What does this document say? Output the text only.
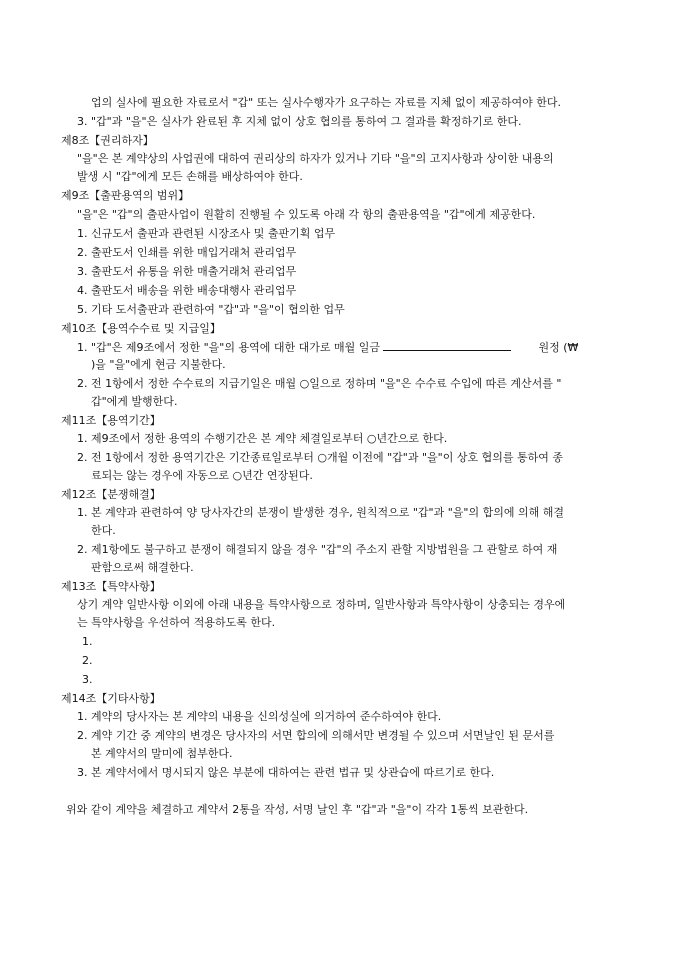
업의 실사에 필요한 자료로서 "갑" 또는 실사수행자가 요구하는 자료를 지체 없이 제공하여야 한다.
3. "갑"과 "을"은 실사가 완료된 후 지체 없이 상호 협의를 통하여 그 결과를 확정하기로 한다.
제8조【권리하자】
"을"은 본 계약상의 사업권에 대하여 권리상의 하자가 있거나 기타 "을"의 고지사항과 상이한 내용의
발생 시 "갑"에게 모든 손해를 배상하여야 한다.
제9조【출판용역의 범위】
"을"은 "갑"의 출판사업이 원활히 진행될 수 있도록 아래 각 항의 출판용역을 "갑"에게 제공한다.
1. 신규도서 출판과 관련된 시장조사 및 출판기획 업무
2. 출판도서 인쇄를 위한 매입거래처 관리업무
3. 출판도서 유통을 위한 매출거래처 관리업무
4. 출판도서 배송을 위한 배송대행사 관리업무
5. 기타 도서출판과 관련하여 "갑"과 "을"이 협의한 업무
제10조【용역수수료 및 지급일】
1. "갑"은 제9조에서 정한 "을"의 용역에 대한 대가로 매월 일금	원정 (₩
)을 "을"에게 현금 지불한다.
2. 전 1항에서 정한 수수료의 지급기일은 매월 ○일으로 정하며 "을"은 수수료 수입에 따른 계산서를 "
갑"에게 발행한다.
제11조【용역기간】
1. 제9조에서 정한 용역의 수행기간은 본 계약 체결일로부터 ○년간으로 한다.
2. 전 1항에서 정한 용역기간은 기간종료일로부터 ○개월 이전에 "갑"과 "을"이 상호 협의를 통하여 종
료되는 않는 경우에 자동으로 ○년간 연장된다.
제12조【분쟁해결】
1. 본 계약과 관련하여 양 당사자간의 분쟁이 발생한 경우, 원칙적으로 "갑"과 "을"의 합의에 의해 해결
한다.
2. 제1항에도 불구하고 분쟁이 해결되지 않을 경우 "갑"의 주소지 관할 지방법원을 그 관할로 하여 재
판함으로써 해결한다.
제13조【특약사항】
상기 계약 일반사항 이외에 아래 내용을 특약사항으로 정하며, 일반사항과 특약사항이 상충되는 경우에
는 특약사항을 우선하여 적용하도록 한다.
1.
2.
3.
제14조【기타사항】
1. 계약의 당사자는 본 계약의 내용을 신의성실에 의거하여 준수하여야 한다.
2. 계약 기간 중 계약의 변경은 당사자의 서면 합의에 의해서만 변경될 수 있으며 서면날인 된 문서를
본 계약서의 말미에 첨부한다.
3. 본 계약서에서 명시되지 않은 부분에 대하여는 관련 법규 및 상관습에 따르기로 한다.
위와 같이 계약을 체결하고 계약서 2통을 작성, 서명 날인 후 "갑"과 "을"이 각각 1통씩 보관한다.
